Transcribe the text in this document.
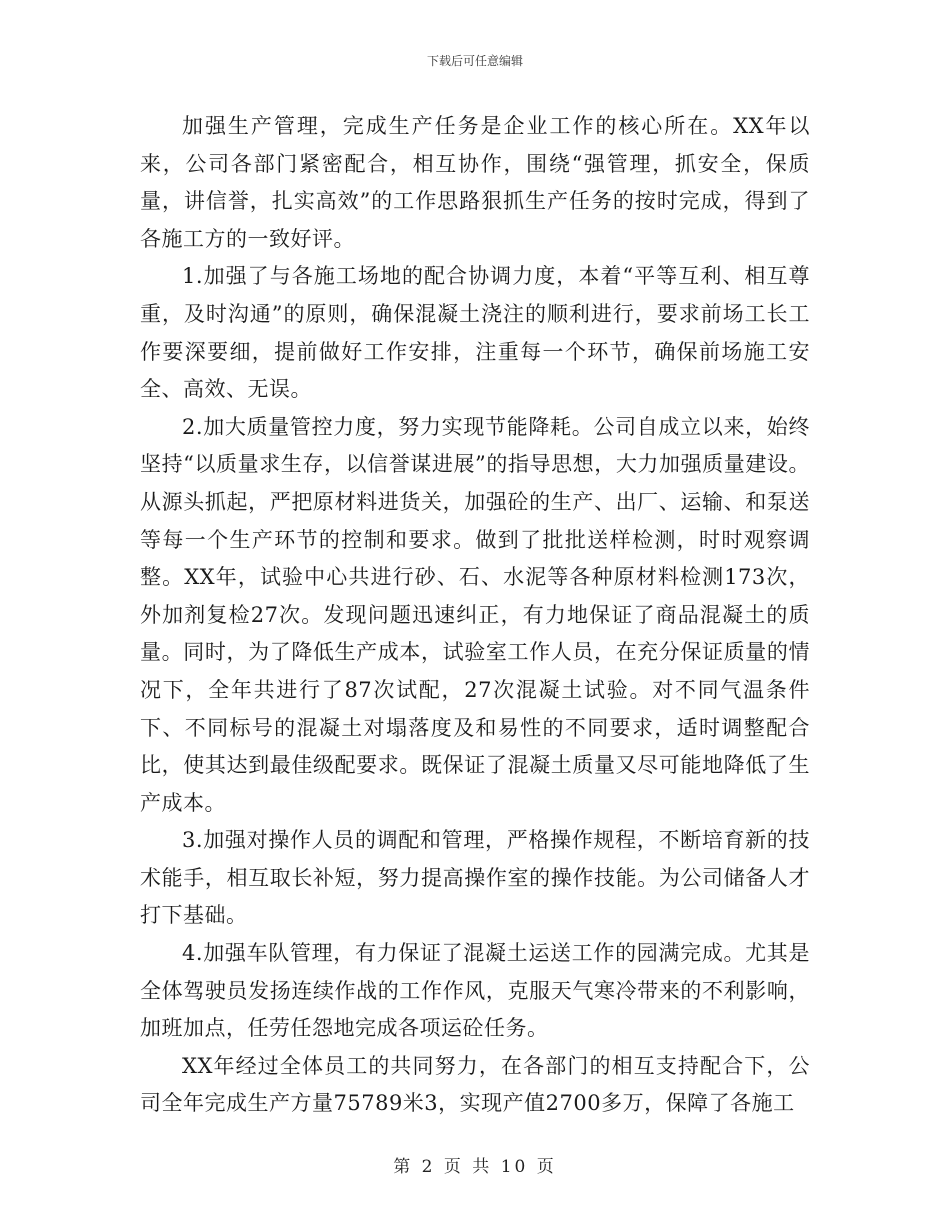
下载后可任意编辑

加强生产管理，完成生产任务是企业工作的核心所在。XX年以来，公司各部门紧密配合，相互协作，围绕“强管理，抓安全，保质量，讲信誉，扎实高效”的工作思路狠抓生产任务的按时完成，得到了各施工方的一致好评。

1.加强了与各施工场地的配合协调力度，本着“平等互利、相互尊重，及时沟通”的原则，确保混凝土浇注的顺利进行，要求前场工长工作要深要细，提前做好工作安排，注重每一个环节，确保前场施工安全、高效、无误。

2.加大质量管控力度，努力实现节能降耗。公司自成立以来，始终坚持“以质量求生存，以信誉谋进展”的指导思想，大力加强质量建设。从源头抓起，严把原材料进货关，加强砼的生产、出厂、运输、和泵送等每一个生产环节的控制和要求。做到了批批送样检测，时时观察调整。XX年，试验中心共进行砂、石、水泥等各种原材料检测173次，外加剂复检27次。发现问题迅速纠正，有力地保证了商品混凝土的质量。同时，为了降低生产成本，试验室工作人员，在充分保证质量的情况下，全年共进行了87次试配，27次混凝土试验。对不同气温条件下、不同标号的混凝土对塌落度及和易性的不同要求，适时调整配合比，使其达到最佳级配要求。既保证了混凝土质量又尽可能地降低了生产成本。

3.加强对操作人员的调配和管理，严格操作规程，不断培育新的技术能手，相互取长补短，努力提高操作室的操作技能。为公司储备人才打下基础。

4.加强车队管理，有力保证了混凝土运送工作的园满完成。尤其是全体驾驶员发扬连续作战的工作作风，克服天气寒冷带来的不利影响，加班加点，任劳任怨地完成各项运砼任务。

XX年经过全体员工的共同努力，在各部门的相互支持配合下，公司全年完成生产方量75789米3，实现产值2700多万，保障了各施工

第 2 页 共 10 页
